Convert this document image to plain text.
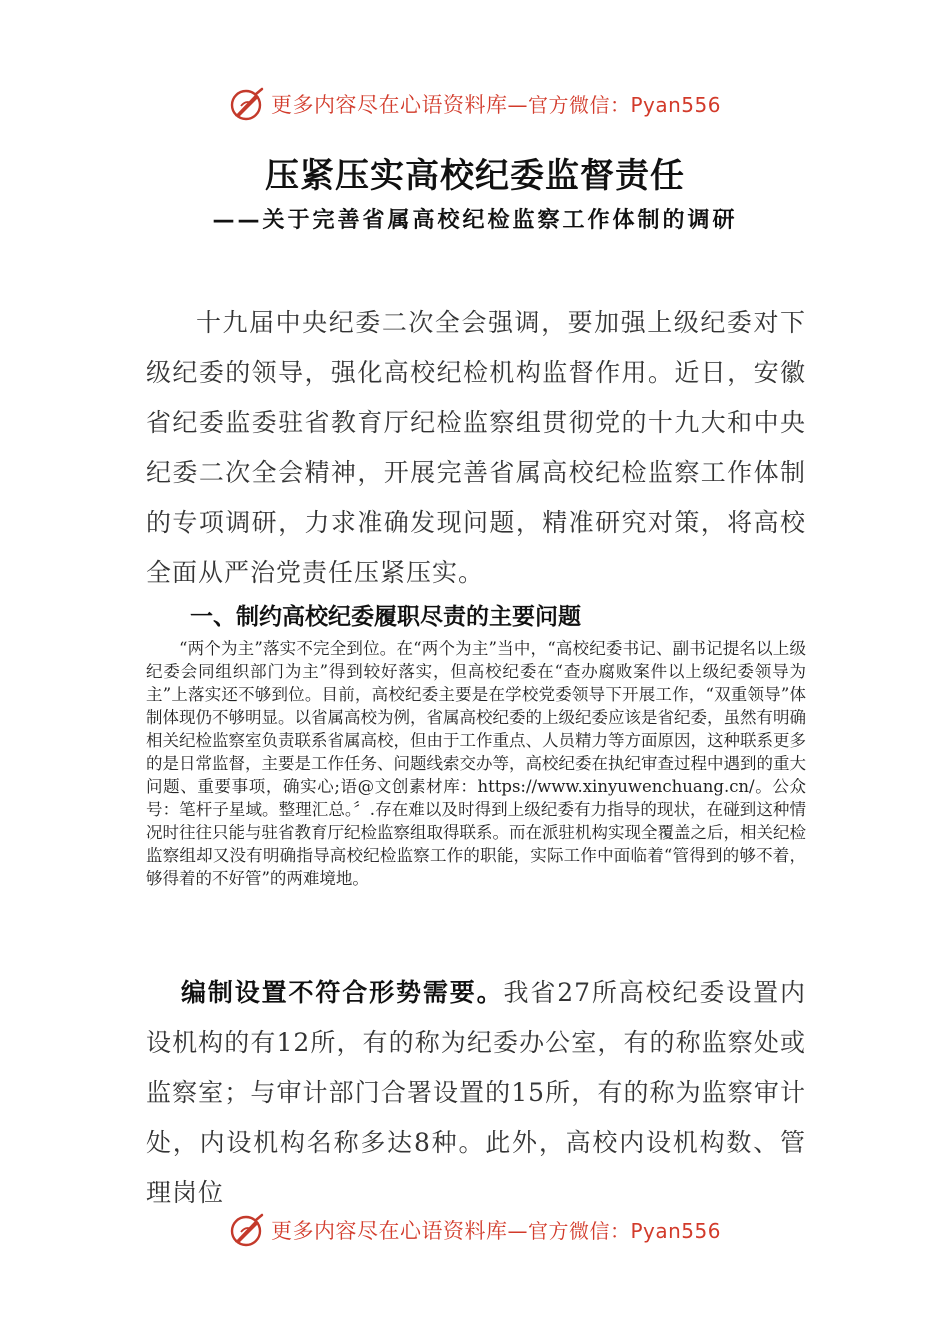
更多内容尽在心语资料库—官方微信：Pyan556
压紧压实高校纪委监督责任
——关于完善省属高校纪检监察工作体制的调研
十九届中央纪委二次全会强调，要加强上级纪委对下级纪委的领导，强化高校纪检机构监督作用。近日，安徽省纪委监委驻省教育厅纪检监察组贯彻党的十九大和中央纪委二次全会精神，开展完善省属高校纪检监察工作体制的专项调研，力求准确发现问题，精准研究对策，将高校全面从严治党责任压紧压实。
一、制约高校纪委履职尽责的主要问题
“两个为主”落实不完全到位。在“两个为主”当中，“高校纪委书记、副书记提名以上级纪委会同组织部门为主”得到较好落实，但高校纪委在“查办腐败案件以上级纪委领导为主”上落实还不够到位。目前，高校纪委主要是在学校党委领导下开展工作，“双重领导”体制体现仍不够明显。以省属高校为例，省属高校纪委的上级纪委应该是省纪委，虽然有明确相关纪检监察室负责联系省属高校，但由于工作重点、人员精力等方面原因，这种联系更多的是日常监督，主要是工作任务、问题线索交办等，高校纪委在执纪审查过程中遇到的重大问题、重要事项，确实心;语@文创素材库：https://www.xinyuwenchuang.cn/。公众号：笔杆子星域。整理汇总。〞.存在难以及时得到上级纪委有力指导的现状，在碰到这种情况时往往只能与驻省教育厅纪检监察组取得联系。而在派驻机构实现全覆盖之后，相关纪检监察组却又没有明确指导高校纪检监察工作的职能，实际工作中面临着“管得到的够不着，够得着的不好管”的两难境地。
编制设置不符合形势需要。我省27所高校纪委设置内设机构的有12所，有的称为纪委办公室，有的称监察处或监察室；与审计部门合署设置的15所，有的称为监察审计处，内设机构名称多达8种。此外，高校内设机构数、管理岗位
更多内容尽在心语资料库—官方微信：Pyan556
